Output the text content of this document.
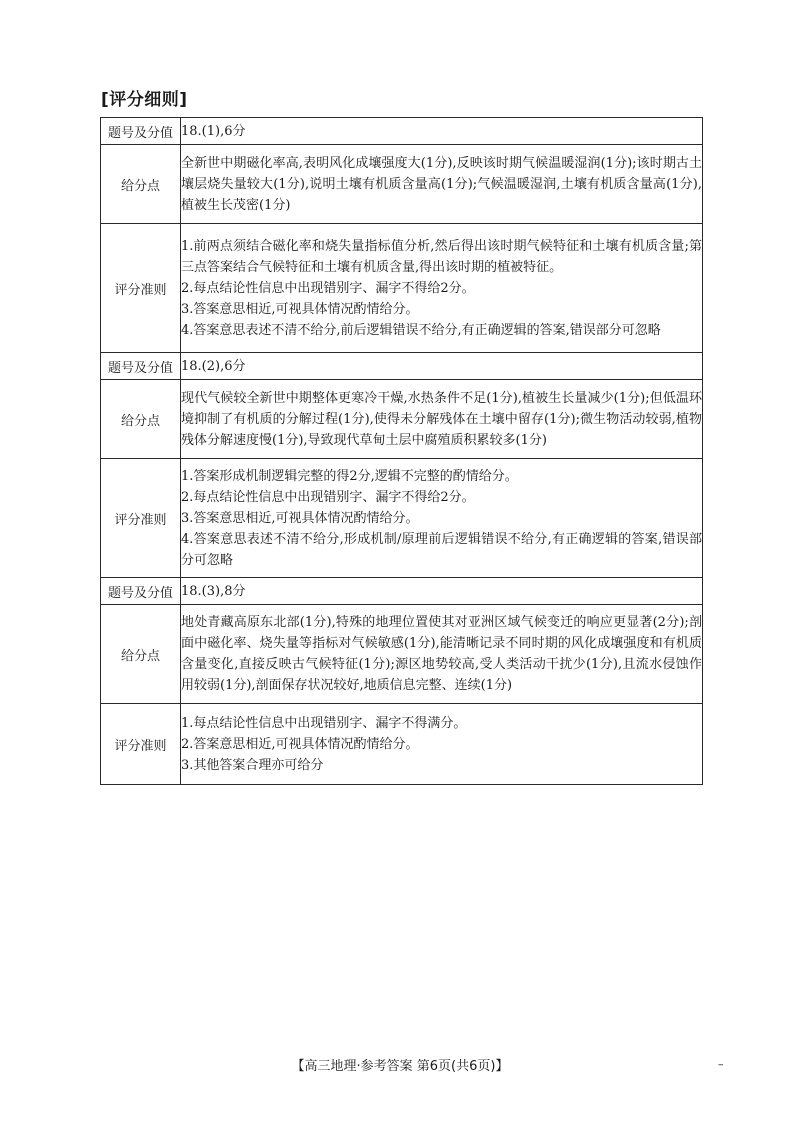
[评分细则]
题号及分值	18.(1),6分
给分点	全新世中期磁化率高,表明风化成壤强度大(1分),反映该时期气候温暖湿润(1分);该时期古土壤层烧失量较大(1分),说明土壤有机质含量高(1分);气候温暖湿润,土壤有机质含量高(1分),植被生长茂密(1分)
评分准则	1.前两点须结合磁化率和烧失量指标值分析,然后得出该时期气候特征和土壤有机质含量;第三点答案结合气候特征和土壤有机质含量,得出该时期的植被特征。

2.每点结论性信息中出现错别字、漏字不得给2分。

3.答案意思相近,可视具体情况酌情给分。

4.答案意思表述不清不给分,前后逻辑错误不给分,有正确逻辑的答案,错误部分可忽略

题号及分值	18.(2),6分
给分点	现代气候较全新世中期整体更寒冷干燥,水热条件不足(1分),植被生长量减少(1分);但低温环境抑制了有机质的分解过程(1分),使得未分解残体在土壤中留存(1分);微生物活动较弱,植物残体分解速度慢(1分),导致现代草甸土层中腐殖质积累较多(1分)
评分准则	1.答案形成机制逻辑完整的得2分,逻辑不完整的酌情给分。

2.每点结论性信息中出现错别字、漏字不得给2分。

3.答案意思相近,可视具体情况酌情给分。

4.答案意思表述不清不给分,形成机制/原理前后逻辑错误不给分,有正确逻辑的答案,错误部分可忽略

题号及分值	18.(3),8分
给分点	地处青藏高原东北部(1分),特殊的地理位置使其对亚洲区域气候变迁的响应更显著(2分);剖面中磁化率、烧失量等指标对气候敏感(1分),能清晰记录不同时期的风化成壤强度和有机质含量变化,直接反映古气候特征(1分);源区地势较高,受人类活动干扰少(1分),且流水侵蚀作用较弱(1分),剖面保存状况较好,地质信息完整、连续(1分)
评分准则	1.每点结论性信息中出现错别字、漏字不得满分。

2.答案意思相近,可视具体情况酌情给分。

3.其他答案合理亦可给分

【高三地理·参考答案 第6页(共6页)】	–
